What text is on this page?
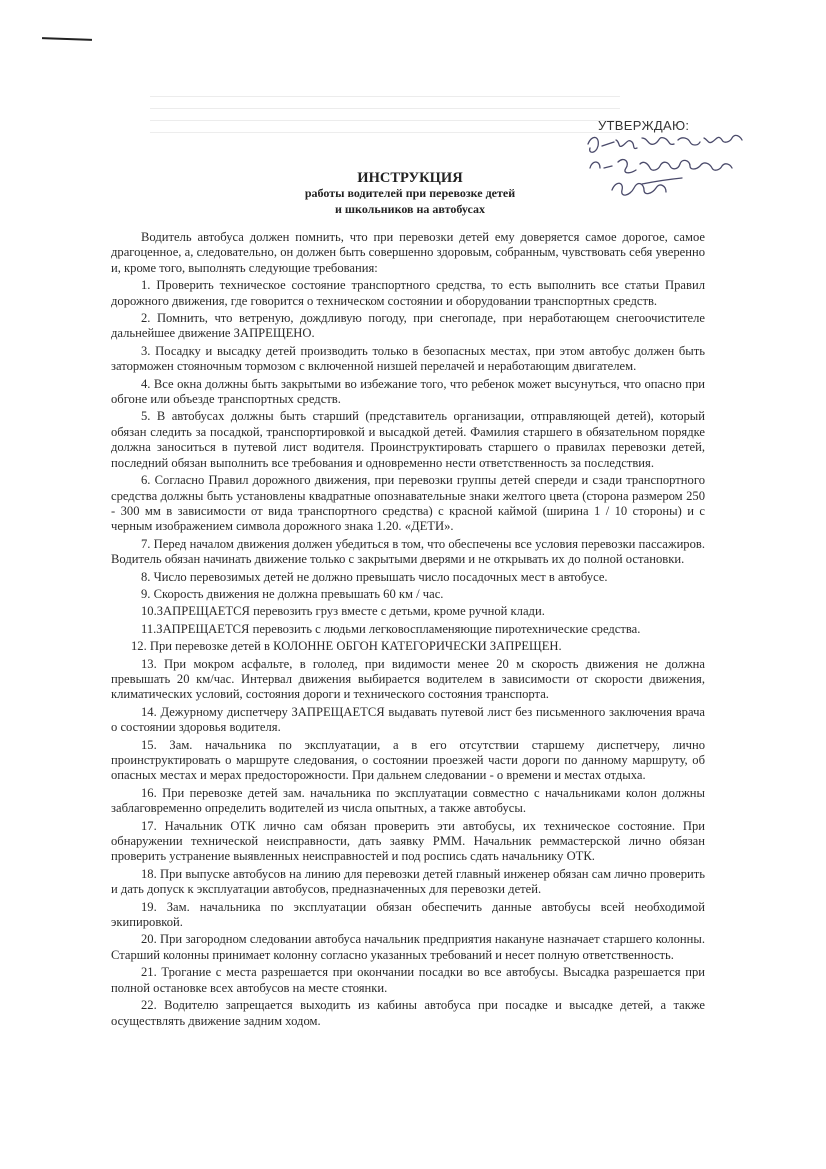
УТВЕРЖДАЮ:
ИНСТРУКЦИЯ
работы водителей при перевозке детей
и школьников на автобусах

Водитель автобуса должен помнить, что при перевозки детей ему доверяется самое дорогое, самое драгоценное, а, следовательно, он должен быть совершенно здоровым, собранным, чувствовать себя уверенно и, кроме того, выполнять следующие требования:

1. Проверить техническое состояние транспортного средства, то есть выполнить все статьи Правил дорожного движения, где говорится о техническом состоянии и оборудовании транспортных средств.

2. Помнить, что ветреную, дождливую погоду, при снегопаде, при неработающем снегоочистителе дальнейшее движение ЗАПРЕЩЕНО.

3. Посадку и высадку детей производить только в безопасных местах, при этом автобус должен быть заторможен стояночным тормозом с включенной низшей перелачей и неработающим двигателем.

4. Все окна должны быть закрытыми во избежание того, что ребенок может высунуться, что опасно при обгоне или объезде транспортных средств.

5. В автобусах должны быть старший (представитель организации, отправляющей детей), который обязан следить за посадкой, транспортировкой и высадкой детей. Фамилия старшего в обязательном порядке должна заноситься в путевой лист водителя. Проинструктировать старшего о правилах перевозки детей, последний обязан выполнить все требования и одновременно нести ответственность за последствия.

6. Согласно Правил дорожного движения, при перевозки группы детей спереди и сзади транспортного средства должны быть установлены квадратные опознавательные знаки желтого цвета (сторона размером 250 - 300 мм в зависимости от вида транспортного средства) с красной каймой (ширина 1 / 10 стороны) и с черным изображением символа дорожного знака 1.20. «ДЕТИ».

7. Перед началом движения должен убедиться в том, что обеспечены все условия перевозки пассажиров. Водитель обязан начинать движение только с закрытыми дверями и не открывать их до полной остановки.

8. Число перевозимых детей не должно превышать число посадочных мест в автобусе.

9. Скорость движения не должна превышать 60 км / час.

10.ЗАПРЕЩАЕТСЯ перевозить груз вместе с детьми, кроме ручной клади.

11.ЗАПРЕЩАЕТСЯ перевозить с людьми легковоспламеняющие пиротехнические средства.

12. При перевозке детей в КОЛОННЕ ОБГОН КАТЕГОРИЧЕСКИ ЗАПРЕЩЕН.

13. При мокром асфальте, в гололед, при видимости менее 20 м скорость движения не должна превышать 20 км/час. Интервал движения выбирается водителем в зависимости от скорости движения, климатических условий, состояния дороги и технического состояния транспорта.

14. Дежурному диспетчеру ЗАПРЕЩАЕТСЯ выдавать путевой лист без письменного заключения врача о состоянии здоровья водителя.

15. Зам. начальника по эксплуатации, а в его отсутствии старшему диспетчеру, лично проинструктировать о маршруте следования, о состоянии проезжей части дороги по данному маршруту, об опасных местах и мерах предосторожности. При дальнем следовании - о времени и местах отдыха.

16. При перевозке детей зам. начальника по эксплуатации совместно с начальниками колон должны заблаговременно определить водителей из числа опытных, а также автобусы.

17. Начальник ОТК лично сам обязан проверить эти автобусы, их техническое состояние. При обнаружении технической неисправности, дать заявку РММ. Начальник реммастерской лично обязан проверить устранение выявленных неисправностей и под роспись сдать начальнику ОТК.

18. При выпуске автобусов на линию для перевозки детей главный инженер обязан сам лично проверить и дать допуск к эксплуатации автобусов, предназначенных для перевозки детей.

19. Зам. начальника по эксплуатации обязан обеспечить данные автобусы всей необходимой экипировкой.

20. При загородном следовании автобуса начальник предприятия накануне назначает старшего колонны. Старший колонны принимает колонну согласно указанных требований и несет полную ответственность.

21. Трогание с места разрешается при окончании посадки во все автобусы. Высадка разрешается при полной остановке всех автобусов на месте стоянки.

22. Водителю запрещается выходить из кабины автобуса при посадке и высадке детей, а также осуществлять движение задним ходом.
